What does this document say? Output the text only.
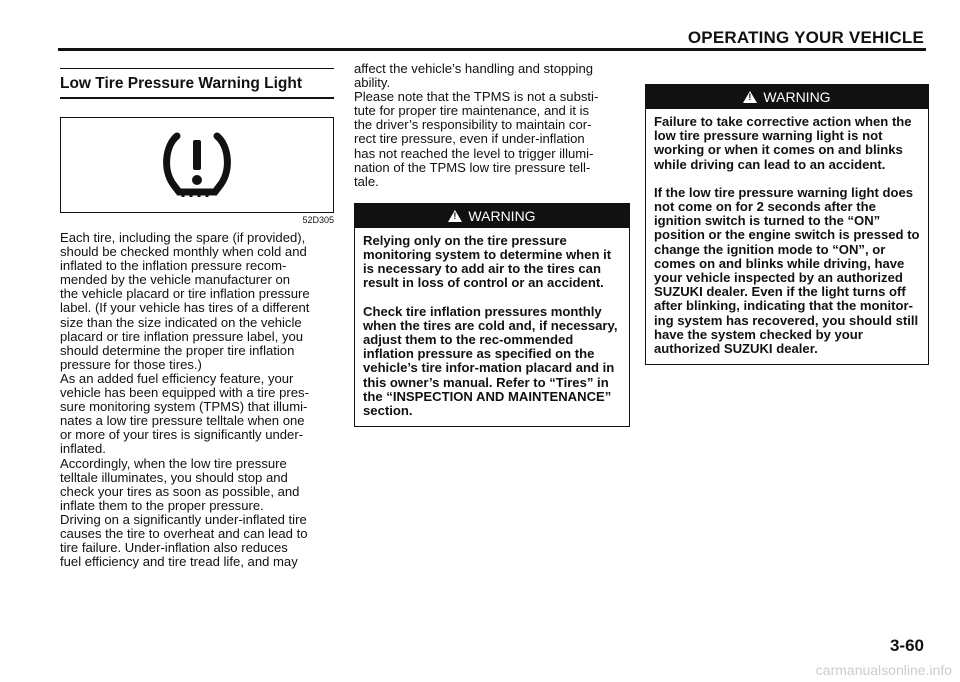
OPERATING YOUR VEHICLE
Low Tire Pressure Warning Light
52D305
Each tire, including the spare (if provided),
should be checked monthly when cold and
inflated to the inflation pressure recom-
mended by the vehicle manufacturer on
the vehicle placard or tire inflation pressure
label. (If your vehicle has tires of a different
size than the size indicated on the vehicle
placard or tire inflation pressure label, you
should determine the proper tire inflation
pressure for those tires.)
As an added fuel efficiency feature, your
vehicle has been equipped with a tire pres-
sure monitoring system (TPMS) that illumi-
nates a low tire pressure telltale when one
or more of your tires is significantly under-
inflated.
Accordingly, when the low tire pressure
telltale illuminates, you should stop and
check your tires as soon as possible, and
inflate them to the proper pressure.
Driving on a significantly under-inflated tire
causes the tire to overheat and can lead to
tire failure. Under-inflation also reduces
fuel efficiency and tire tread life, and may
affect the vehicle’s handling and stopping
ability.
Please note that the TPMS is not a substi-
tute for proper tire maintenance, and it is
the driver’s responsibility to maintain cor-
rect tire pressure, even if under-inflation
has not reached the level to trigger illumi-
nation of the TPMS low tire pressure tell-
tale.
!
WARNING

Relying only on the tire pressure monitoring system to determine when it is necessary to add air to the tires can result in loss of control or an accident.

Check tire inflation pressures monthly when the tires are cold and, if necessary, adjust them to the rec-ommended inflation pressure as specified on the vehicle’s tire infor-mation placard and in this owner’s manual. Refer to “Tires” in the “INSPECTION AND MAINTENANCE” section.

!
WARNING

Failure to take corrective action when the low tire pressure warning light is not working or when it comes on and blinks while driving can lead to an accident.

If the low tire pressure warning light does not come on for 2 seconds after the ignition switch is turned to the “ON” position or the engine switch is pressed to change the ignition mode to “ON”, or comes on and blinks while driving, have your vehicle inspected by an authorized SUZUKI dealer. Even if the light turns off after blinking, indicating that the monitor-ing system has recovered, you should still have the system checked by your authorized SUZUKI dealer.

3-60
carmanualsonline.info
